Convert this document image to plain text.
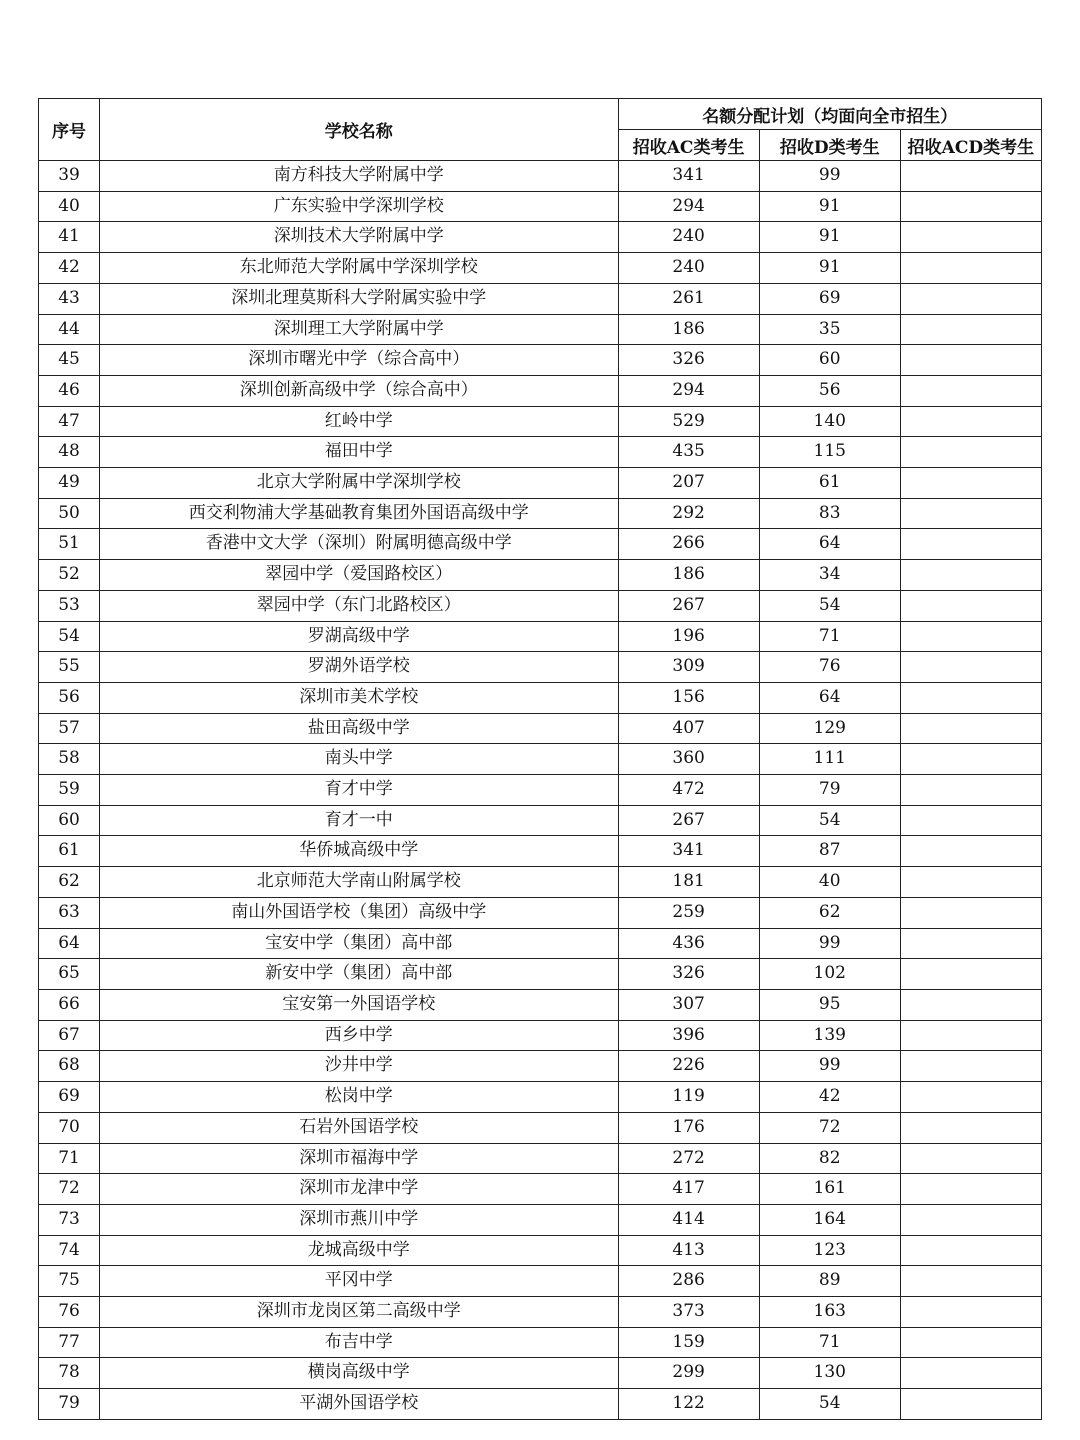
序号	学校名称	名额分配计划（均面向全市招生）		
		招收AC类考生	招收D类考生	招收ACD类考生
39	南方科技大学附属中学	341	99	
40	广东实验中学深圳学校	294	91	
41	深圳技术大学附属中学	240	91	
42	东北师范大学附属中学深圳学校	240	91	
43	深圳北理莫斯科大学附属实验中学	261	69	
44	深圳理工大学附属中学	186	35	
45	深圳市曙光中学（综合高中）	326	60	
46	深圳创新高级中学（综合高中）	294	56	
47	红岭中学	529	140	
48	福田中学	435	115	
49	北京大学附属中学深圳学校	207	61	
50	西交利物浦大学基础教育集团外国语高级中学	292	83	
51	香港中文大学（深圳）附属明德高级中学	266	64	
52	翠园中学（爱国路校区）	186	34	
53	翠园中学（东门北路校区）	267	54	
54	罗湖高级中学	196	71	
55	罗湖外语学校	309	76	
56	深圳市美术学校	156	64	
57	盐田高级中学	407	129	
58	南头中学	360	111	
59	育才中学	472	79	
60	育才一中	267	54	
61	华侨城高级中学	341	87	
62	北京师范大学南山附属学校	181	40	
63	南山外国语学校（集团）高级中学	259	62	
64	宝安中学（集团）高中部	436	99	
65	新安中学（集团）高中部	326	102	
66	宝安第一外国语学校	307	95	
67	西乡中学	396	139	
68	沙井中学	226	99	
69	松岗中学	119	42	
70	石岩外国语学校	176	72	
71	深圳市福海中学	272	82	
72	深圳市龙津中学	417	161	
73	深圳市燕川中学	414	164	
74	龙城高级中学	413	123	
75	平冈中学	286	89	
76	深圳市龙岗区第二高级中学	373	163	
77	布吉中学	159	71	
78	横岗高级中学	299	130	
79	平湖外国语学校	122	54	
